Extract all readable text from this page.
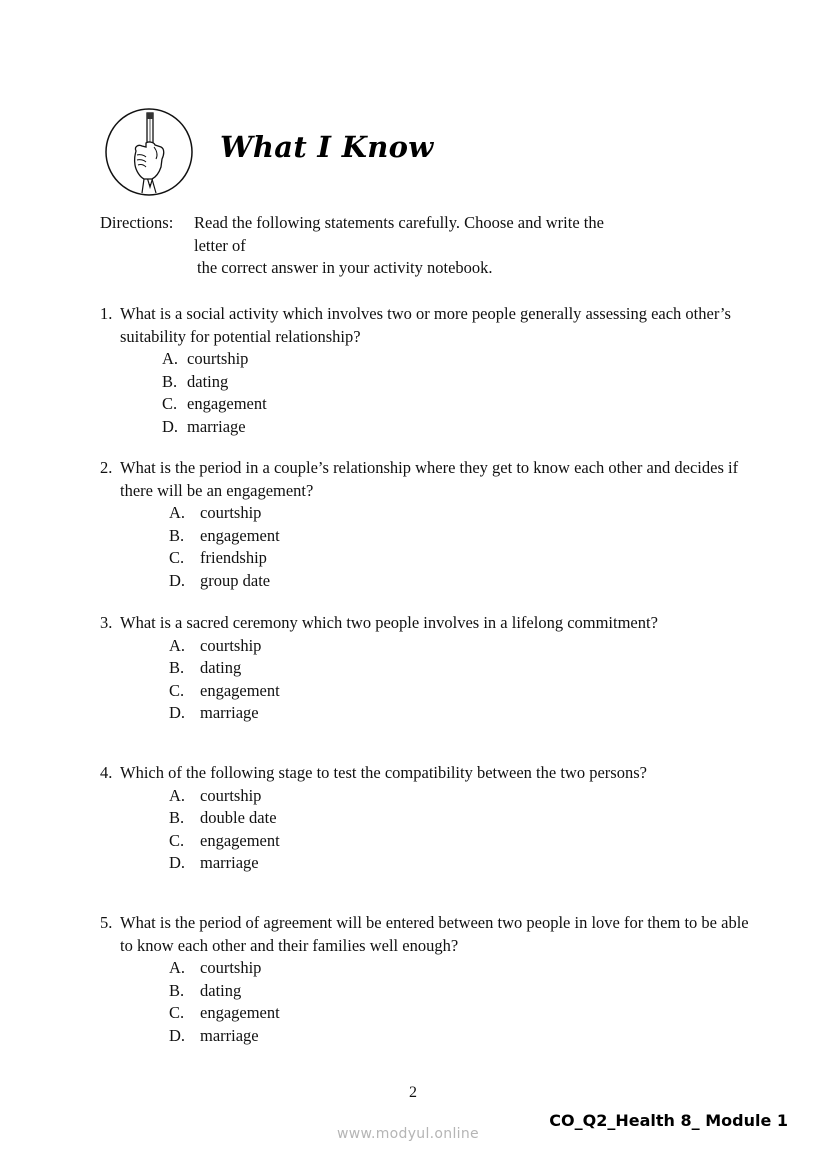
What I Know
Directions:	Read the following statements carefully. Choose and write the
letter of
the correct answer in your activity notebook.
1. What is a social activity which involves two or more people generally assessing each other’s suitability for potential relationship?
A. courtship
B. dating
C. engagement
D. marriage
2. What is the period in a couple’s relationship where they get to know each other and decides if there will be an engagement?
A. courtship
B. engagement
C. friendship
D. group date
3. What is a sacred ceremony which two people involves in a lifelong commitment?
A. courtship
B. dating
C. engagement
D. marriage
4. Which of the following stage to test the compatibility between the two persons?
A. courtship
B. double date
C. engagement
D. marriage
5. What is the period of agreement will be entered between two people in love for them to be able to know each other and their families well enough?
A. courtship
B. dating
C. engagement
D. marriage
2
CO_Q2_Health 8_ Module 1
www.modyul.online
